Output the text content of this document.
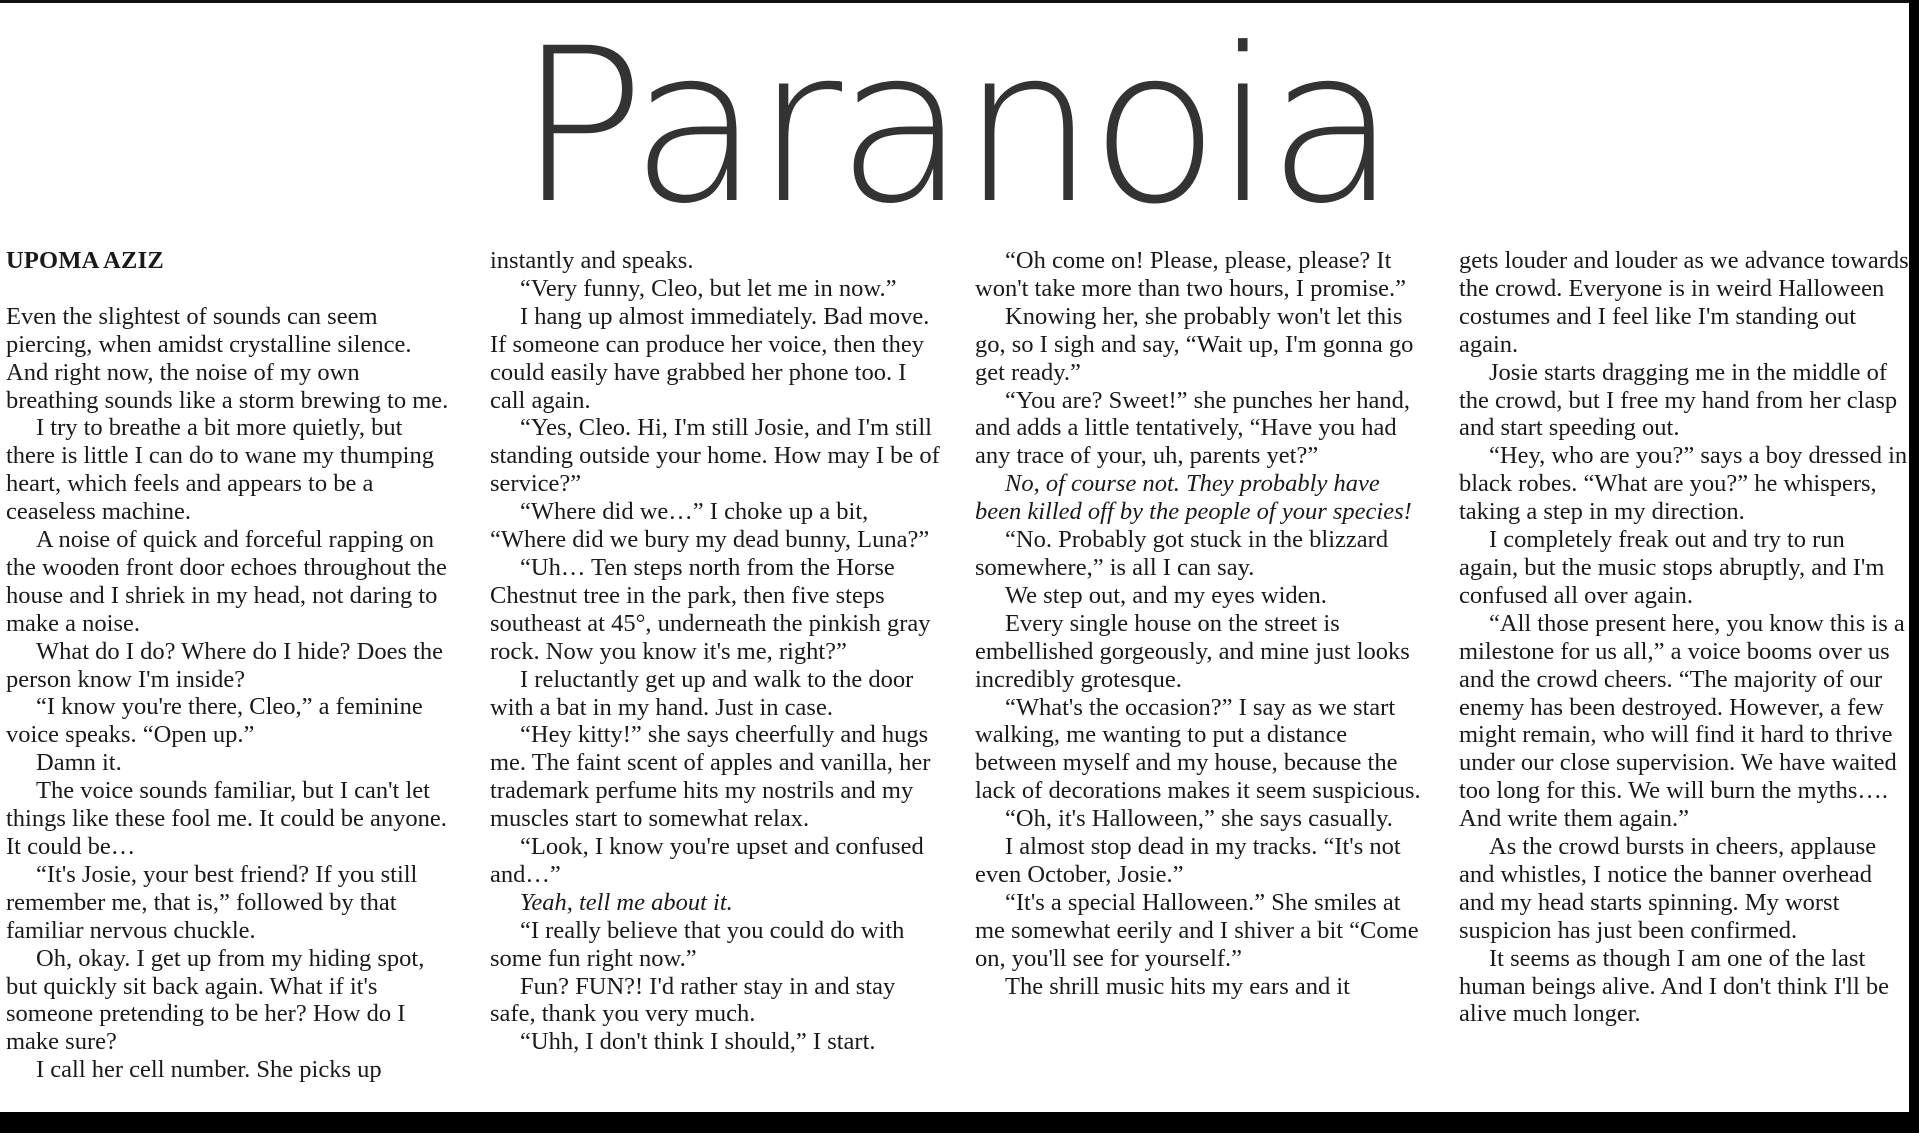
Paranoia
UPOMA AZIZ

Even the slightest of sounds can seem piercing, when amidst crystalline silence. And right now, the noise of my own breathing sounds like a storm brewing to me.

I try to breathe a bit more quietly, but there is little I can do to wane my thumping heart, which feels and appears to be a ceaseless machine.

A noise of quick and forceful rapping on the wooden front door echoes throughout the house and I shriek in my head, not daring to make a noise.

What do I do? Where do I hide? Does the person know I'm inside?

“I know you're there, Cleo,” a feminine voice speaks. “Open up.”

Damn it.

The voice sounds familiar, but I can't let things like these fool me. It could be anyone. It could be…

“It's Josie, your best friend? If you still remember me, that is,” followed by that familiar nervous chuckle.

Oh, okay. I get up from my hiding spot, but quickly sit back again. What if it's someone pretending to be her? How do I make sure?

I call her cell number. She picks up

instantly and speaks.

“Very funny, Cleo, but let me in now.”

I hang up almost immediately. Bad move. If someone can produce her voice, then they could easily have grabbed her phone too. I call again.

“Yes, Cleo. Hi, I'm still Josie, and I'm still standing outside your home. How may I be of service?”

“Where did we…” I choke up a bit, “Where did we bury my dead bunny, Luna?”

“Uh… Ten steps north from the Horse Chestnut tree in the park, then five steps southeast at 45°, underneath the pinkish gray rock. Now you know it's me, right?”

I reluctantly get up and walk to the door with a bat in my hand. Just in case.

“Hey kitty!” she says cheerfully and hugs me. The faint scent of apples and vanilla, her trademark perfume hits my nostrils and my muscles start to somewhat relax.

“Look, I know you're upset and confused and…”

Yeah, tell me about it.

“I really believe that you could do with some fun right now.”

Fun? FUN?! I'd rather stay in and stay safe, thank you very much.

“Uhh, I don't think I should,” I start.

“Oh come on! Please, please, please? It won't take more than two hours, I promise.”

Knowing her, she probably won't let this go, so I sigh and say, “Wait up, I'm gonna go get ready.”

“You are? Sweet!” she punches her hand, and adds a little tentatively, “Have you had any trace of your, uh, parents yet?”

No, of course not. They probably have been killed off by the people of your species!

“No. Probably got stuck in the blizzard somewhere,” is all I can say.

We step out, and my eyes widen.

Every single house on the street is embellished gorgeously, and mine just looks incredibly grotesque.

“What's the occasion?” I say as we start walking, me wanting to put a distance between myself and my house, because the lack of decorations makes it seem suspicious.

“Oh, it's Halloween,” she says casually.

I almost stop dead in my tracks. “It's not even October, Josie.”

“It's a special Halloween.” She smiles at me somewhat eerily and I shiver a bit “Come on, you'll see for yourself.”

The shrill music hits my ears and it

gets louder and louder as we advance towards the crowd. Everyone is in weird Halloween costumes and I feel like I'm standing out again.

Josie starts dragging me in the middle of the crowd, but I free my hand from her clasp and start speeding out.

“Hey, who are you?” says a boy dressed in black robes. “What are you?” he whispers, taking a step in my direction.

I completely freak out and try to run again, but the music stops abruptly, and I'm confused all over again.

“All those present here, you know this is a milestone for us all,” a voice booms over us and the crowd cheers. “The majority of our enemy has been destroyed. However, a few might remain, who will find it hard to thrive under our close supervision. We have waited too long for this. We will burn the myths…. And write them again.”

As the crowd bursts in cheers, applause and whistles, I notice the banner overhead and my head starts spinning. My worst suspicion has just been confirmed.

It seems as though I am one of the last human beings alive. And I don't think I'll be alive much longer.
